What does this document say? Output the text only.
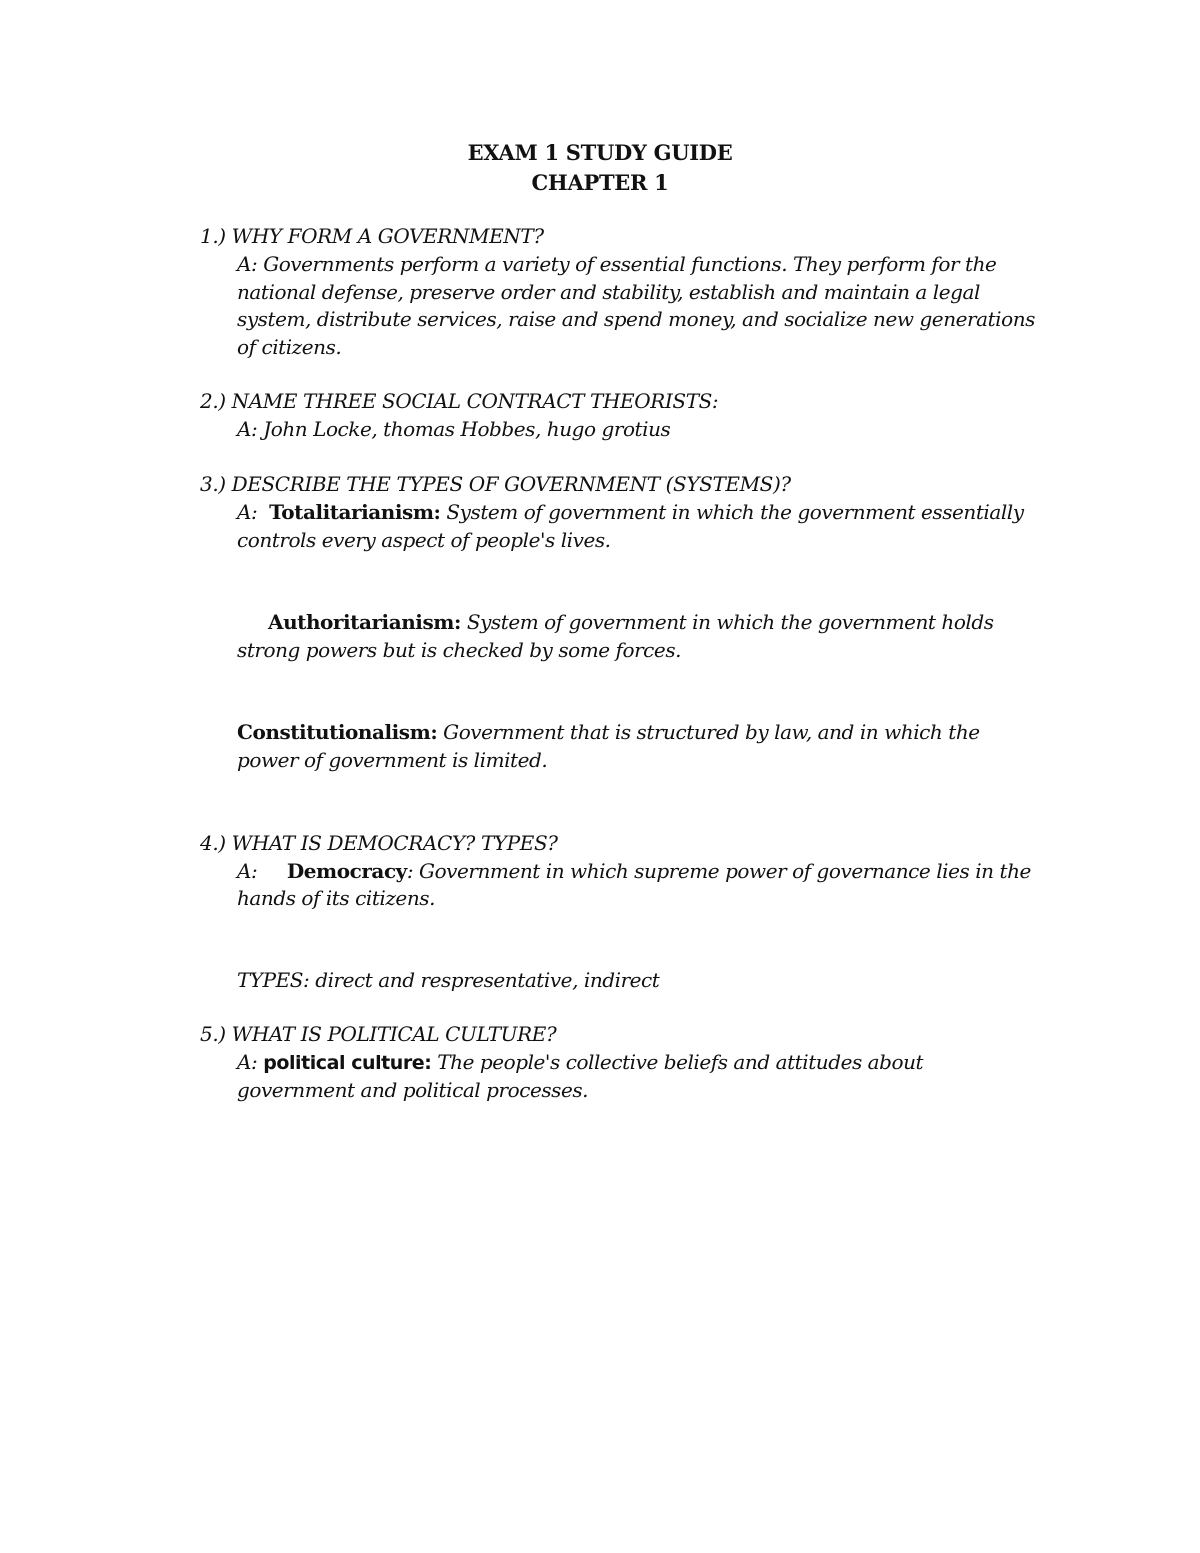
EXAM 1 STUDY GUIDE
CHAPTER 1
1.) WHY FORM A GOVERNMENT?
A: Governments perform a variety of essential functions. They perform for the
national defense, preserve order and stability, establish and maintain a legal
system, distribute services, raise and spend money, and socialize new generations
of citizens.
2.) NAME THREE SOCIAL CONTRACT THEORISTS:
A: John Locke, thomas Hobbes, hugo grotius
3.) DESCRIBE THE TYPES OF GOVERNMENT (SYSTEMS)?
A: Totalitarianism: System of government in which the government essentially
controls every aspect of people's lives.
Authoritarianism: System of government in which the government holds
strong powers but is checked by some forces.
Constitutionalism: Government that is structured by law, and in which the
power of government is limited.
4.) WHAT IS DEMOCRACY? TYPES?
A: Democracy: Government in which supreme power of governance lies in the
hands of its citizens.
TYPES: direct and respresentative, indirect
5.) WHAT IS POLITICAL CULTURE?
A: political culture: The people's collective beliefs and attitudes about
government and political processes.
